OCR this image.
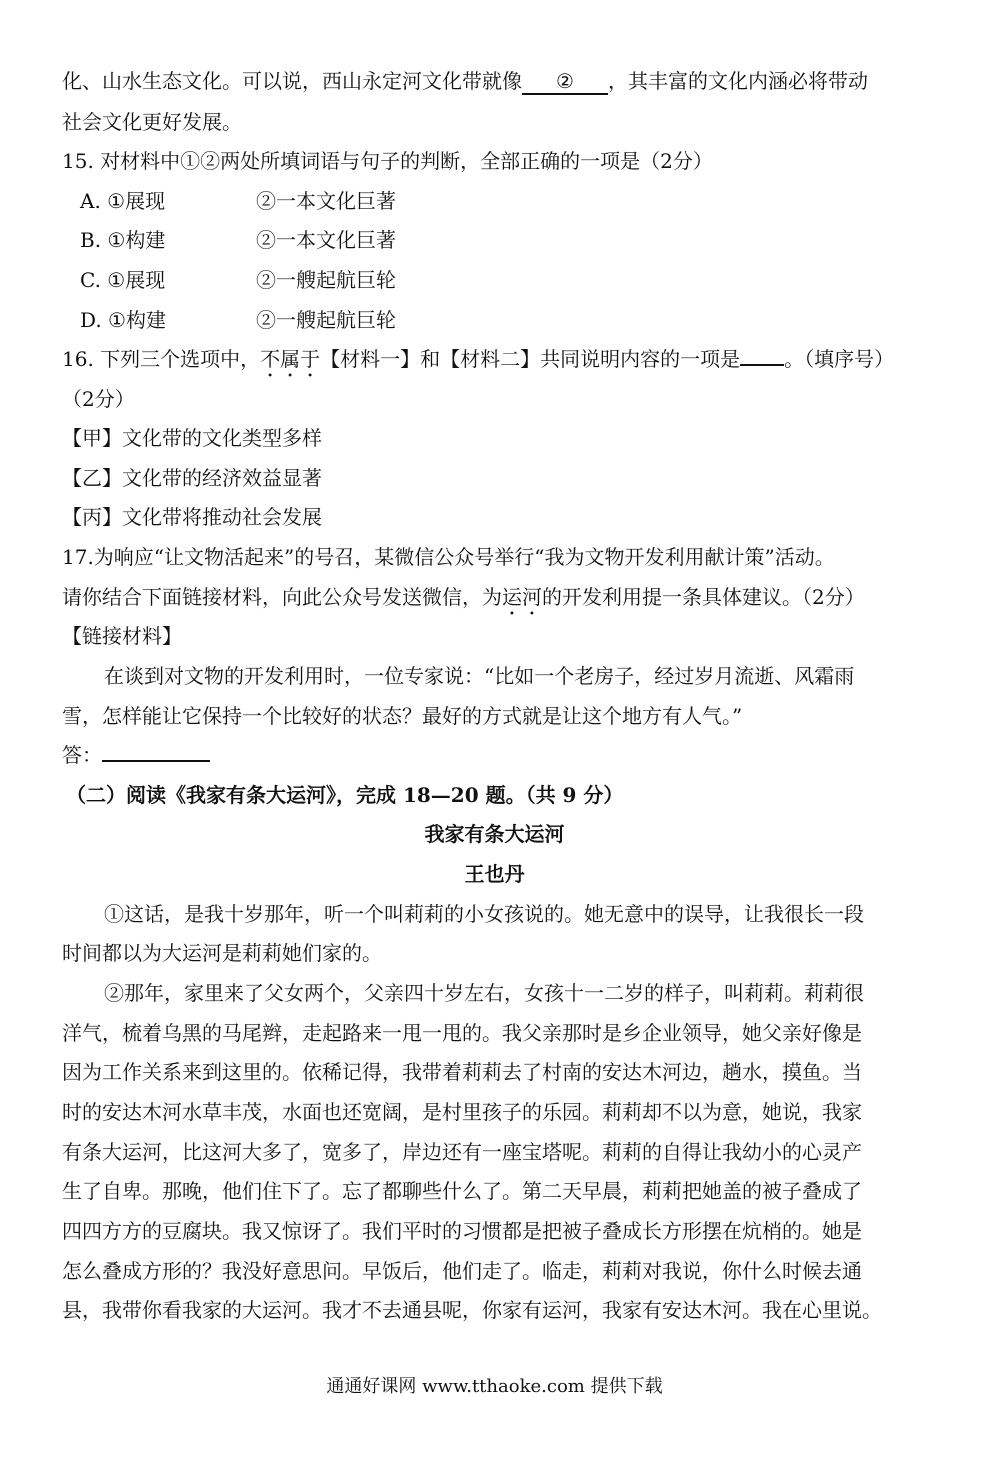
化、山水生态文化。可以说，西山永定河文化带就像 ② ，其丰富的文化内涵必将带动
社会文化更好发展。
15. 对材料中①②两处所填词语与句子的判断，全部正确的一项是（2分）
A. ①展现	②一本文化巨著
B. ①构建	②一本文化巨著
C. ①展现	②一艘起航巨轮
D. ①构建	②一艘起航巨轮
16. 下列三个选项中，不属于【材料一】和【材料二】共同说明内容的一项是 。（填序号）
（2分）
【甲】文化带的文化类型多样
【乙】文化带的经济效益显著
【丙】文化带将推动社会发展
17.为响应“让文物活起来”的号召，某微信公众号举行“我为文物开发利用献计策”活动。
请你结合下面链接材料，向此公众号发送微信，为运河的开发利用提一条具体建议。（2分）
【链接材料】
在谈到对文物的开发利用时，一位专家说：“比如一个老房子，经过岁月流逝、风霜雨
雪，怎样能让它保持一个比较好的状态？最好的方式就是让这个地方有人气。”
答：
（二）阅读《我家有条大运河》，完成 18—20 题。（共 9 分）
我家有条大运河
王也丹
①这话，是我十岁那年，听一个叫莉莉的小女孩说的。她无意中的误导，让我很长一段
时间都以为大运河是莉莉她们家的。
②那年，家里来了父女两个，父亲四十岁左右，女孩十一二岁的样子，叫莉莉。莉莉很
洋气，梳着乌黑的马尾辫，走起路来一甩一甩的。我父亲那时是乡企业领导，她父亲好像是
因为工作关系来到这里的。依稀记得，我带着莉莉去了村南的安达木河边，趟水，摸鱼。当
时的安达木河水草丰茂，水面也还宽阔，是村里孩子的乐园。莉莉却不以为意，她说，我家
有条大运河，比这河大多了，宽多了，岸边还有一座宝塔呢。莉莉的自得让我幼小的心灵产
生了自卑。那晚，他们住下了。忘了都聊些什么了。第二天早晨，莉莉把她盖的被子叠成了
四四方方的豆腐块。我又惊讶了。我们平时的习惯都是把被子叠成长方形摆在炕梢的。她是
怎么叠成方形的？我没好意思问。早饭后，他们走了。临走，莉莉对我说，你什么时候去通
县，我带你看我家的大运河。我才不去通县呢，你家有运河，我家有安达木河。我在心里说。
通通好课网 www.tthaoke.com 提供下载
